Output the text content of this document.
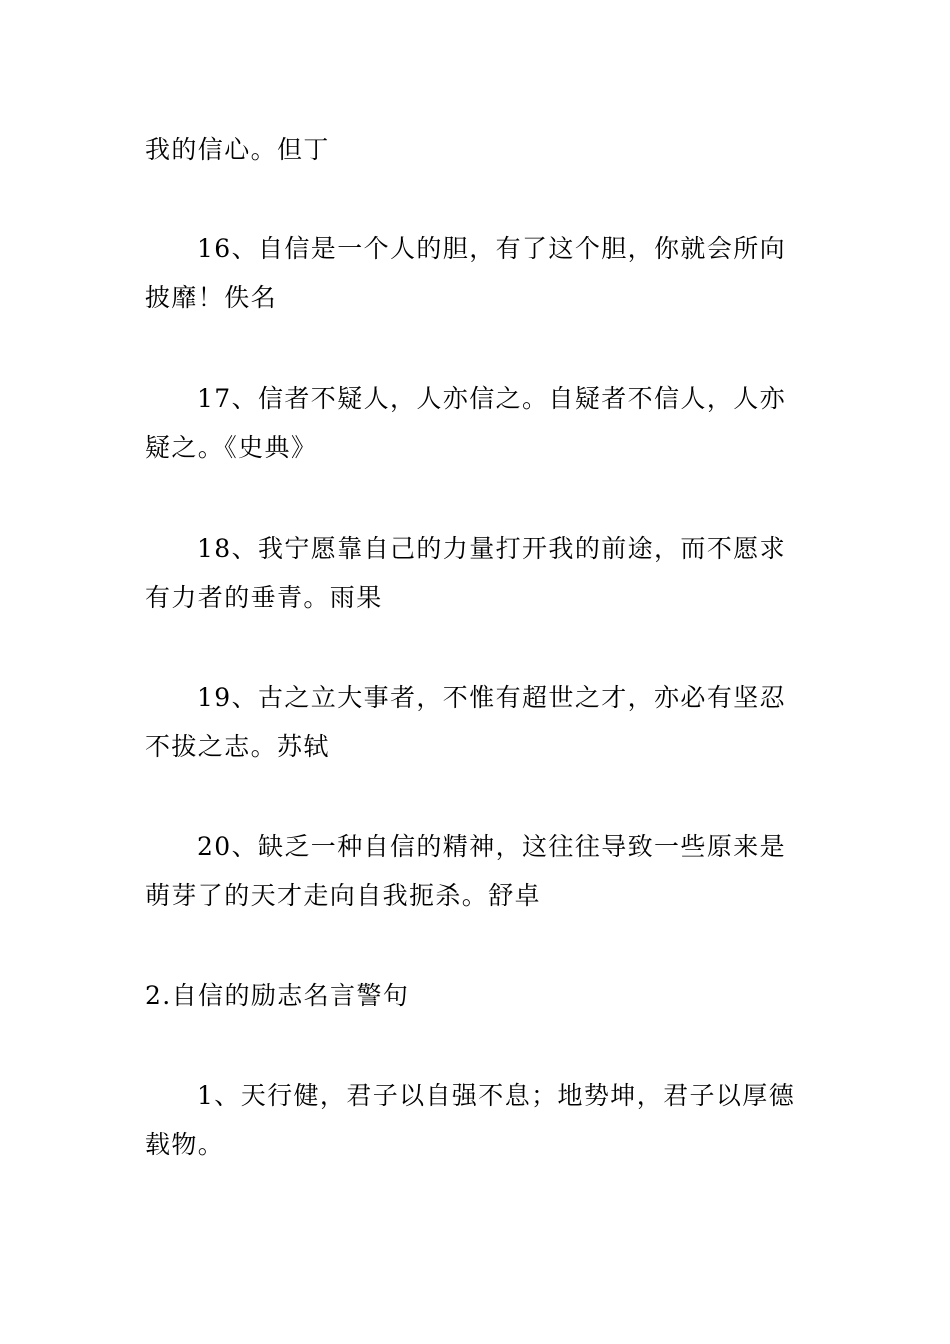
我的信心。但丁

16、自信是一个人的胆，有了这个胆，你就会所向披靡！佚名

17、信者不疑人，人亦信之。自疑者不信人，人亦疑之。《史典》

18、我宁愿靠自己的力量打开我的前途，而不愿求有力者的垂青。雨果

19、古之立大事者，不惟有超世之才，亦必有坚忍不拔之志。苏轼

20、缺乏一种自信的精神，这往往导致一些原来是萌芽了的天才走向自我扼杀。舒卓

2.自信的励志名言警句

1、天行健，君子以自强不息；地势坤，君子以厚德载物。
